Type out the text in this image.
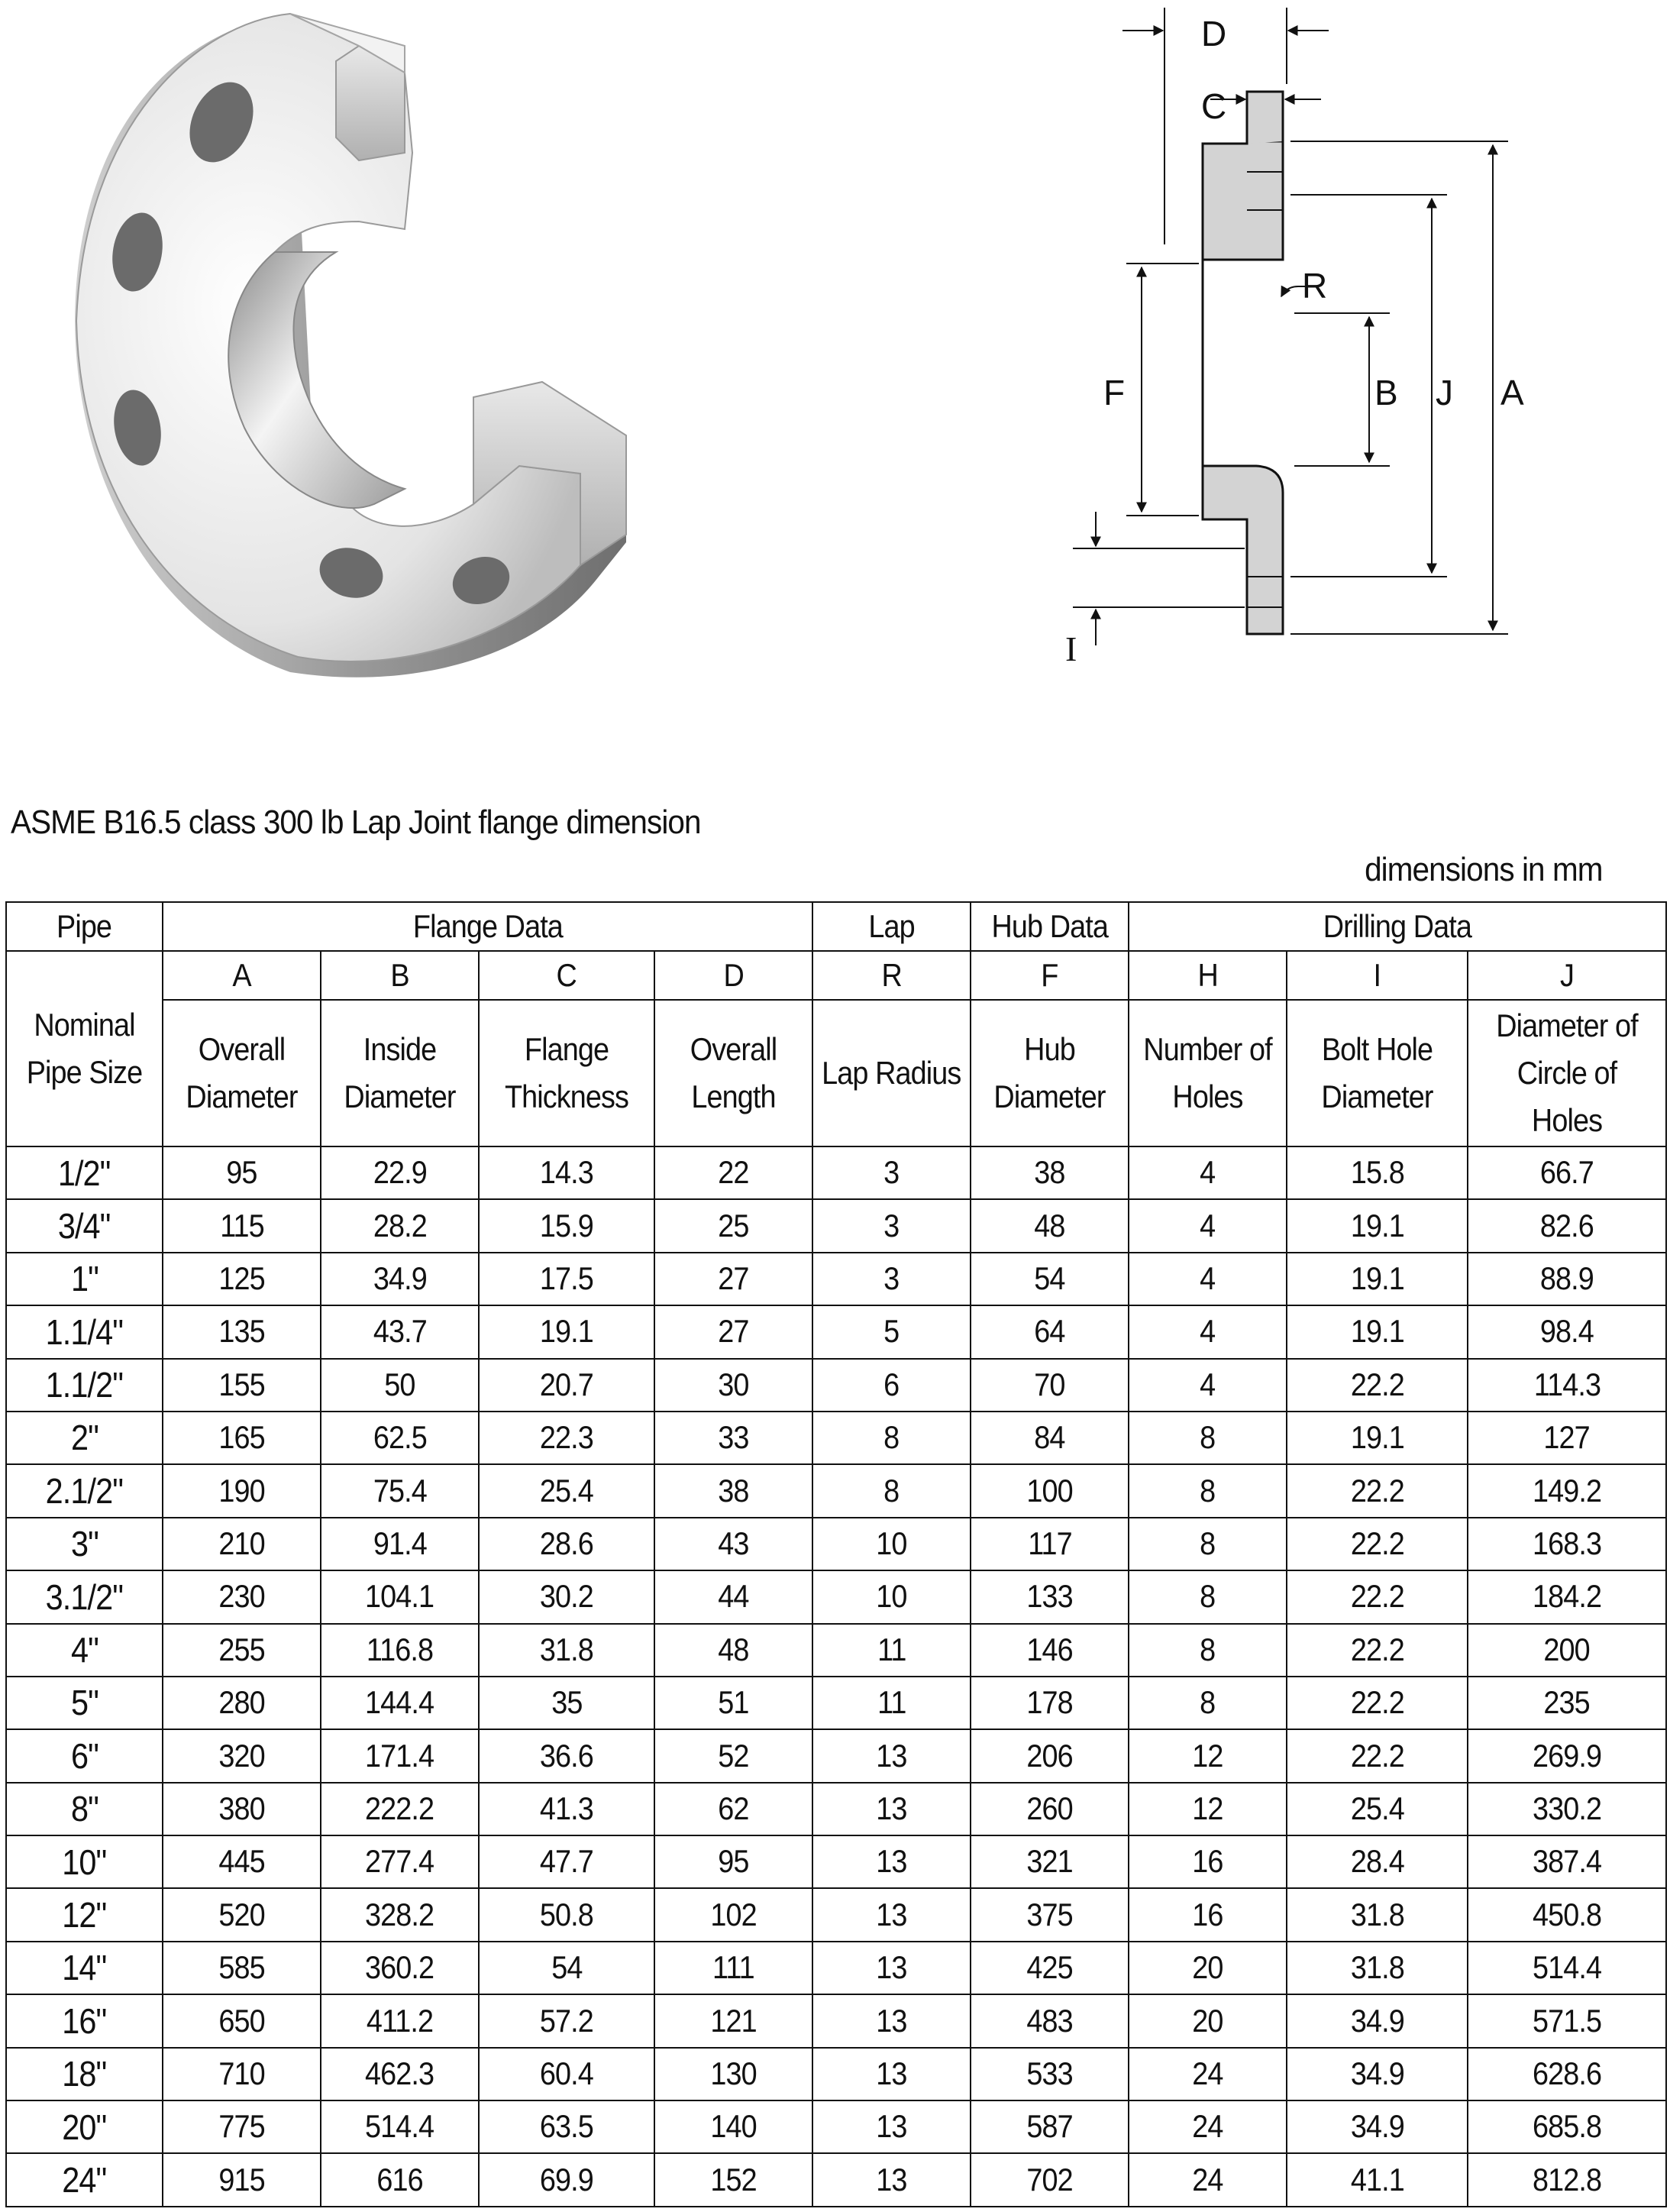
D
C
R
F	B J A
I
ASME B16.5 class 300 lb Lap Joint flange dimension
dimensions in mm
Pipe	Flange Data				Lap	Hub Data	Drilling Data		
Nominal Pipe Size	A	B	C	D	R	F	H	I	J
	Overall Diameter	Inside Diameter	Flange Thickness	Overall Length	Lap Radius	Hub Diameter	Number of Holes	Bolt Hole Diameter	Diameter of Circle of Holes
1/2"	95	22.9	14.3	22	3	38	4	15.8	66.7
3/4"	115	28.2	15.9	25	3	48	4	19.1	82.6
1"	125	34.9	17.5	27	3	54	4	19.1	88.9
1.1/4"	135	43.7	19.1	27	5	64	4	19.1	98.4
1.1/2"	155	50	20.7	30	6	70	4	22.2	114.3
2"	165	62.5	22.3	33	8	84	8	19.1	127
2.1/2"	190	75.4	25.4	38	8	100	8	22.2	149.2
3"	210	91.4	28.6	43	10	117	8	22.2	168.3
3.1/2"	230	104.1	30.2	44	10	133	8	22.2	184.2
4"	255	116.8	31.8	48	11	146	8	22.2	200
5"	280	144.4	35	51	11	178	8	22.2	235
6"	320	171.4	36.6	52	13	206	12	22.2	269.9
8"	380	222.2	41.3	62	13	260	12	25.4	330.2
10"	445	277.4	47.7	95	13	321	16	28.4	387.4
12"	520	328.2	50.8	102	13	375	16	31.8	450.8
14"	585	360.2	54	111	13	425	20	31.8	514.4
16"	650	411.2	57.2	121	13	483	20	34.9	571.5
18"	710	462.3	60.4	130	13	533	24	34.9	628.6
20"	775	514.4	63.5	140	13	587	24	34.9	685.8
24"	915	616	69.9	152	13	702	24	41.1	812.8
